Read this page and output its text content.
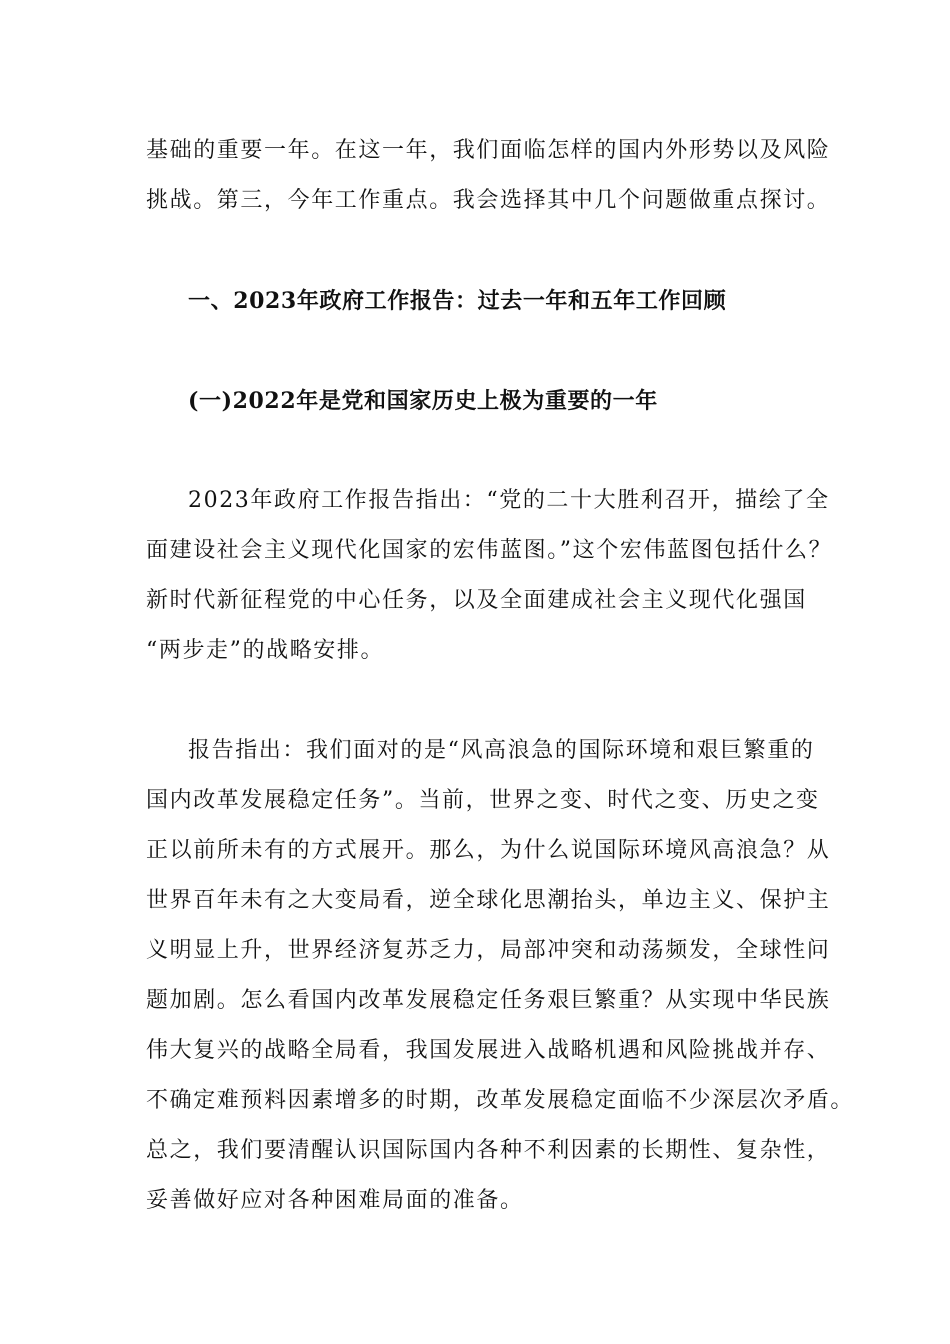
基础的重要一年。在这一年，我们面临怎样的国内外形势以及风险
挑战。第三，今年工作重点。我会选择其中几个问题做重点探讨。
一、2023年政府工作报告：过去一年和五年工作回顾
(一)2022年是党和国家历史上极为重要的一年
2023年政府工作报告指出：“党的二十大胜利召开，描绘了全
面建设社会主义现代化国家的宏伟蓝图。”这个宏伟蓝图包括什么？
新时代新征程党的中心任务，以及全面建成社会主义现代化强国
“两步走”的战略安排。
报告指出：我们面对的是“风高浪急的国际环境和艰巨繁重的
国内改革发展稳定任务”。当前，世界之变、时代之变、历史之变
正以前所未有的方式展开。那么，为什么说国际环境风高浪急？从
世界百年未有之大变局看，逆全球化思潮抬头，单边主义、保护主
义明显上升，世界经济复苏乏力，局部冲突和动荡频发，全球性问
题加剧。怎么看国内改革发展稳定任务艰巨繁重？从实现中华民族
伟大复兴的战略全局看，我国发展进入战略机遇和风险挑战并存、
不确定难预料因素增多的时期，改革发展稳定面临不少深层次矛盾。
总之，我们要清醒认识国际国内各种不利因素的长期性、复杂性，
妥善做好应对各种困难局面的准备。
